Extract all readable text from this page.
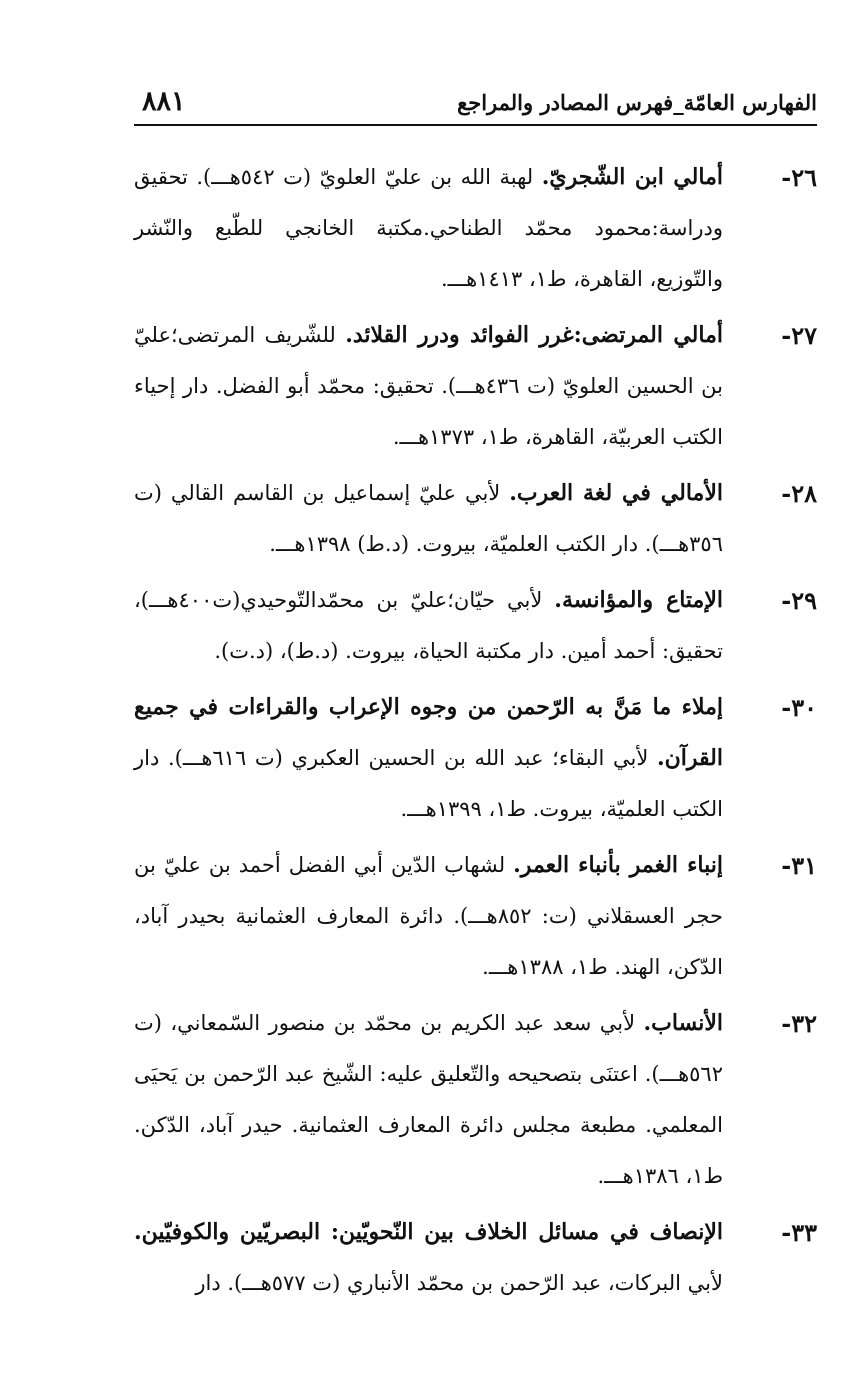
الفهارس العامّة_فهرس المصادر والمراجع
٨٨١
٢٦-
أمالي ابن الشّجريّ. لهبة الله بن عليّ العلويّ (ت ٥٤٢هـــ). تحقيق ودراسة:محمود محمّد الطناحي.مكتبة الخانجي للطّبع والنّشر والتّوزيع، القاهرة، ط١، ١٤١٣هـــ.
٢٧-
أمالي المرتضى:غرر الفوائد ودرر القلائد. للشّريف المرتضى؛عليّ بن الحسين العلويّ (ت ٤٣٦هـــ). تحقيق: محمّد أبو الفضل. دار إحياء الكتب العربيّة، القاهرة، ط١، ١٣٧٣هـــ.
٢٨-
الأمالي في لغة العرب. لأبي عليّ إسماعيل بن القاسم القالي (ت ٣٥٦هـــ). دار الكتب العلميّة، بيروت. (د.ط) ١٣٩٨هـــ.
٢٩-
الإمتاع والمؤانسة. لأبي حيّان؛عليّ بن محمّدالتّوحيدي(ت٤٠٠هـــ)، تحقيق: أحمد أمين. دار مكتبة الحياة، بيروت. (د.ط)، (د.ت).
٣٠-
إملاء ما مَنَّ به الرّحمن من وجوه الإعراب والقراءات في جميع القرآن. لأبي البقاء؛ عبد الله بن الحسين العكبري (ت ٦١٦هـــ). دار الكتب العلميّة، بيروت. ط١، ١٣٩٩هـــ.
٣١-
إنباء الغمر بأنباء العمر. لشهاب الدّين أبي الفضل أحمد بن عليّ بن حجر العسقلاني (ت: ٨٥٢هـــ). دائرة المعارف العثمانية بحيدر آباد، الدّكن، الهند. ط١، ١٣٨٨هـــ.
٣٢-
الأنساب. لأبي سعد عبد الكريم بن محمّد بن منصور السّمعاني، (ت ٥٦٢هـــ). اعتنَى بتصحيحه والتّعليق عليه: الشّيخ عبد الرّحمن بن يَحيَى المعلمي. مطبعة مجلس دائرة المعارف العثمانية. حيدر آباد، الدّكن. ط١، ١٣٨٦هـــ.
٣٣-
الإنصاف في مسائل الخلاف بين النّحويّين: البصريّين والكوفيّين. لأبي البركات، عبد الرّحمن بن محمّد الأنباري (ت ٥٧٧هـــ). دار
